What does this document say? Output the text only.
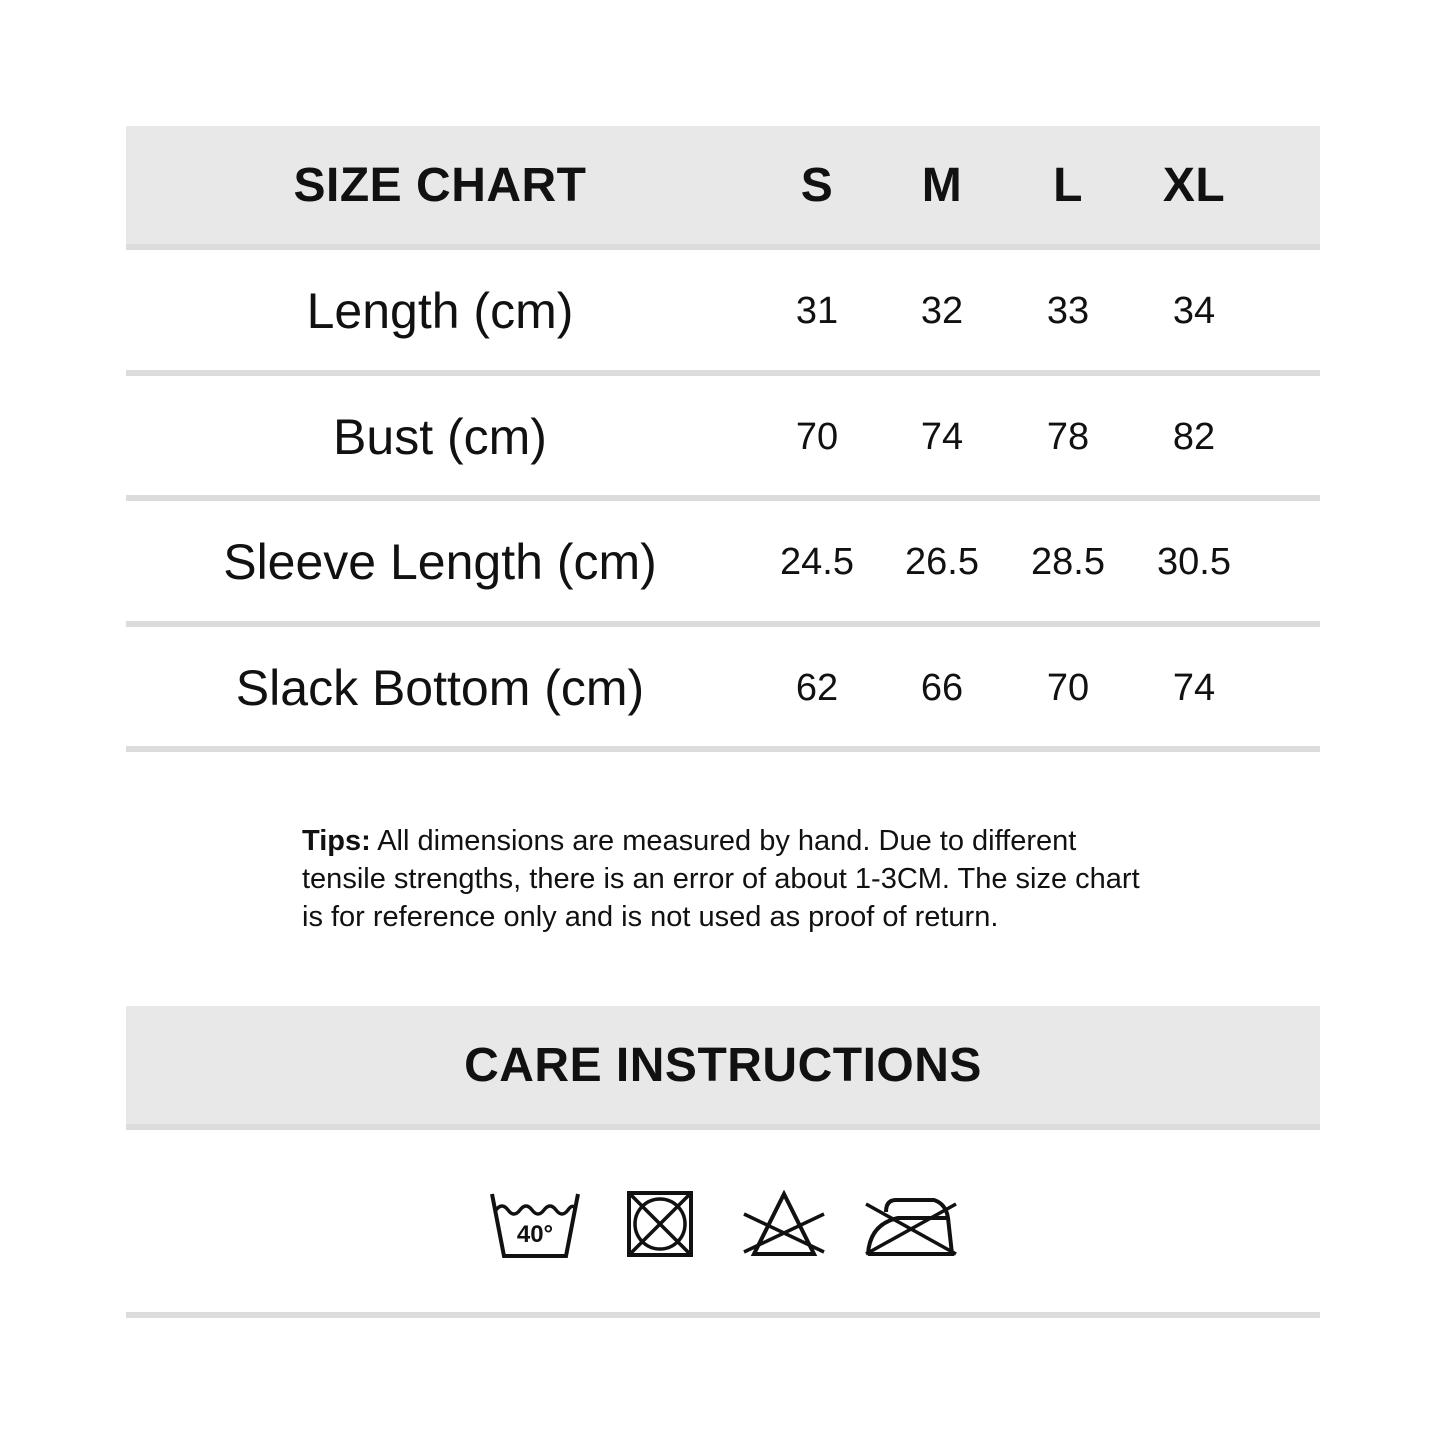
SIZE CHART	S	M	L	XL
Length (cm)	31	32	33	34
Bust (cm)	70	74	78	82
Sleeve Length (cm)	24.5	26.5	28.5	30.5
Slack Bottom (cm)	62	66	70	74
Tips: All dimensions are measured by hand. Due to different tensile strengths, there is an error of about 1-3CM. The size chart is for reference only and is not used as proof of return.
CARE INSTRUCTIONS
40°
